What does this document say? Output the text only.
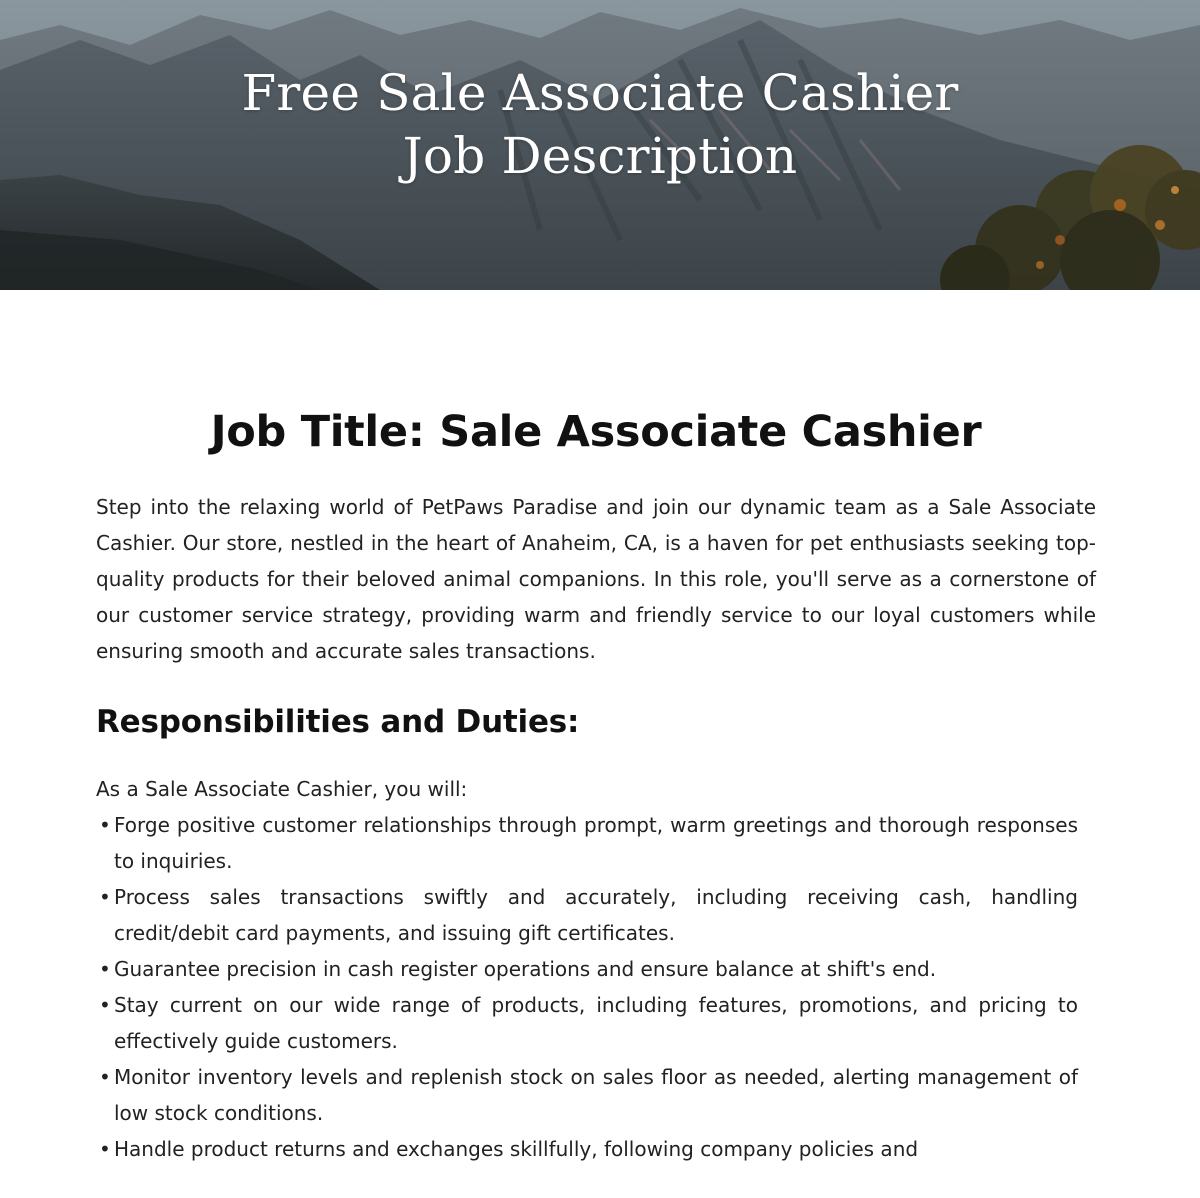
Free Sale Associate Cashier
Job Description
Job Title: Sale Associate Cashier

Step into the relaxing world of PetPaws Paradise and join our dynamic team as a Sale Associate Cashier. Our store, nestled in the heart of Anaheim, CA, is a haven for pet enthusiasts seeking top-quality products for their beloved animal companions. In this role, you'll serve as a cornerstone of our customer service strategy, providing warm and friendly service to our loyal customers while ensuring smooth and accurate sales transactions.

Responsibilities and Duties:

As a Sale Associate Cashier, you will:

• Forge positive customer relationships through prompt, warm greetings and thorough responses to inquiries.
• Process sales transactions swiftly and accurately, including receiving cash, handling credit/debit card payments, and issuing gift certificates.
• Guarantee precision in cash register operations and ensure balance at shift's end.
• Stay current on our wide range of products, including features, promotions, and pricing to effectively guide customers.
• Monitor inventory levels and replenish stock on sales floor as needed, alerting management of low stock conditions.
• Handle product returns and exchanges skillfully, following company policies and
